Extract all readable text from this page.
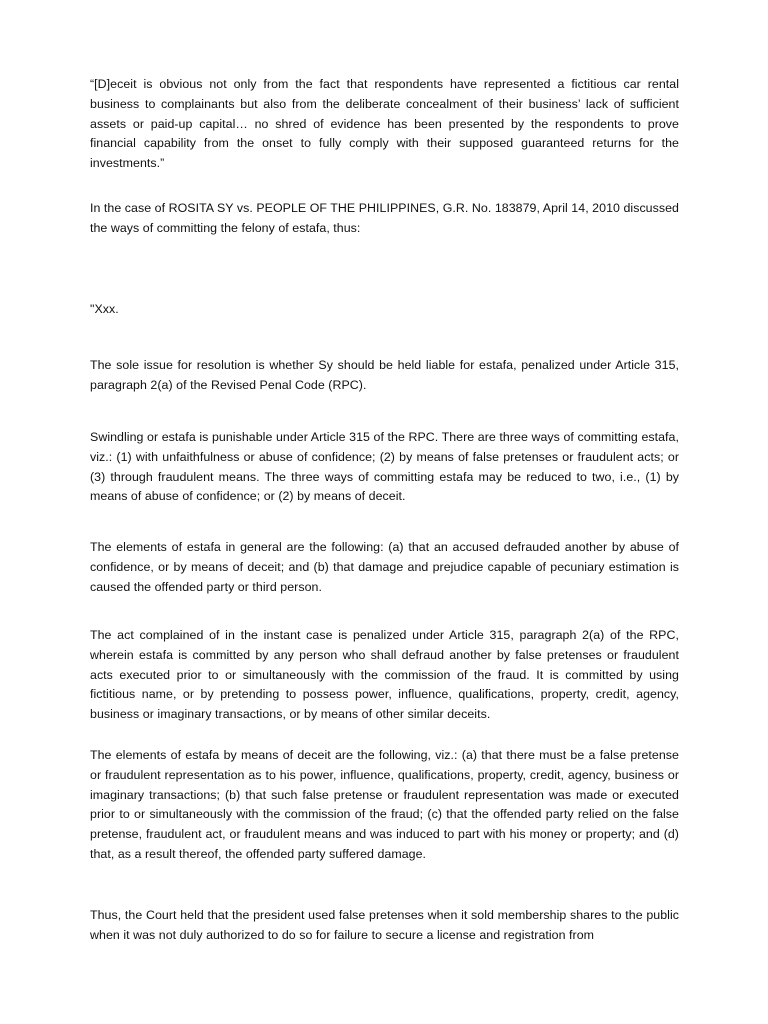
“[D]eceit is obvious not only from the fact that respondents have represented a fictitious car rental business to complainants but also from the deliberate concealment of their business’ lack of sufficient assets or paid-up capital… no shred of evidence has been presented by the respondents to prove financial capability from the onset to fully comply with their supposed guaranteed returns for the investments.”

In the case of ROSITA SY vs. PEOPLE OF THE PHILIPPINES, G.R. No. 183879, April 14, 2010 discussed the ways of committing the felony of estafa, thus:

"Xxx.

The sole issue for resolution is whether Sy should be held liable for estafa, penalized under Article 315, paragraph 2(a) of the Revised Penal Code (RPC).

Swindling or estafa is punishable under Article 315 of the RPC. There are three ways of committing estafa, viz.: (1) with unfaithfulness or abuse of confidence; (2) by means of false pretenses or fraudulent acts; or (3) through fraudulent means. The three ways of committing estafa may be reduced to two, i.e., (1) by means of abuse of confidence; or (2) by means of deceit.

The elements of estafa in general are the following: (a) that an accused defrauded another by abuse of confidence, or by means of deceit; and (b) that damage and prejudice capable of pecuniary estimation is caused the offended party or third person.

The act complained of in the instant case is penalized under Article 315, paragraph 2(a) of the RPC, wherein estafa is committed by any person who shall defraud another by false pretenses or fraudulent acts executed prior to or simultaneously with the commission of the fraud. It is committed by using fictitious name, or by pretending to possess power, influence, qualifications, property, credit, agency, business or imaginary transactions, or by means of other similar deceits.

The elements of estafa by means of deceit are the following, viz.: (a) that there must be a false pretense or fraudulent representation as to his power, influence, qualifications, property, credit, agency, business or imaginary transactions; (b) that such false pretense or fraudulent representation was made or executed prior to or simultaneously with the commission of the fraud; (c) that the offended party relied on the false pretense, fraudulent act, or fraudulent means and was induced to part with his money or property; and (d) that, as a result thereof, the offended party suffered damage.

Thus, the Court held that the president used false pretenses when it sold membership shares to the public when it was not duly authorized to do so for failure to secure a license and registration from
